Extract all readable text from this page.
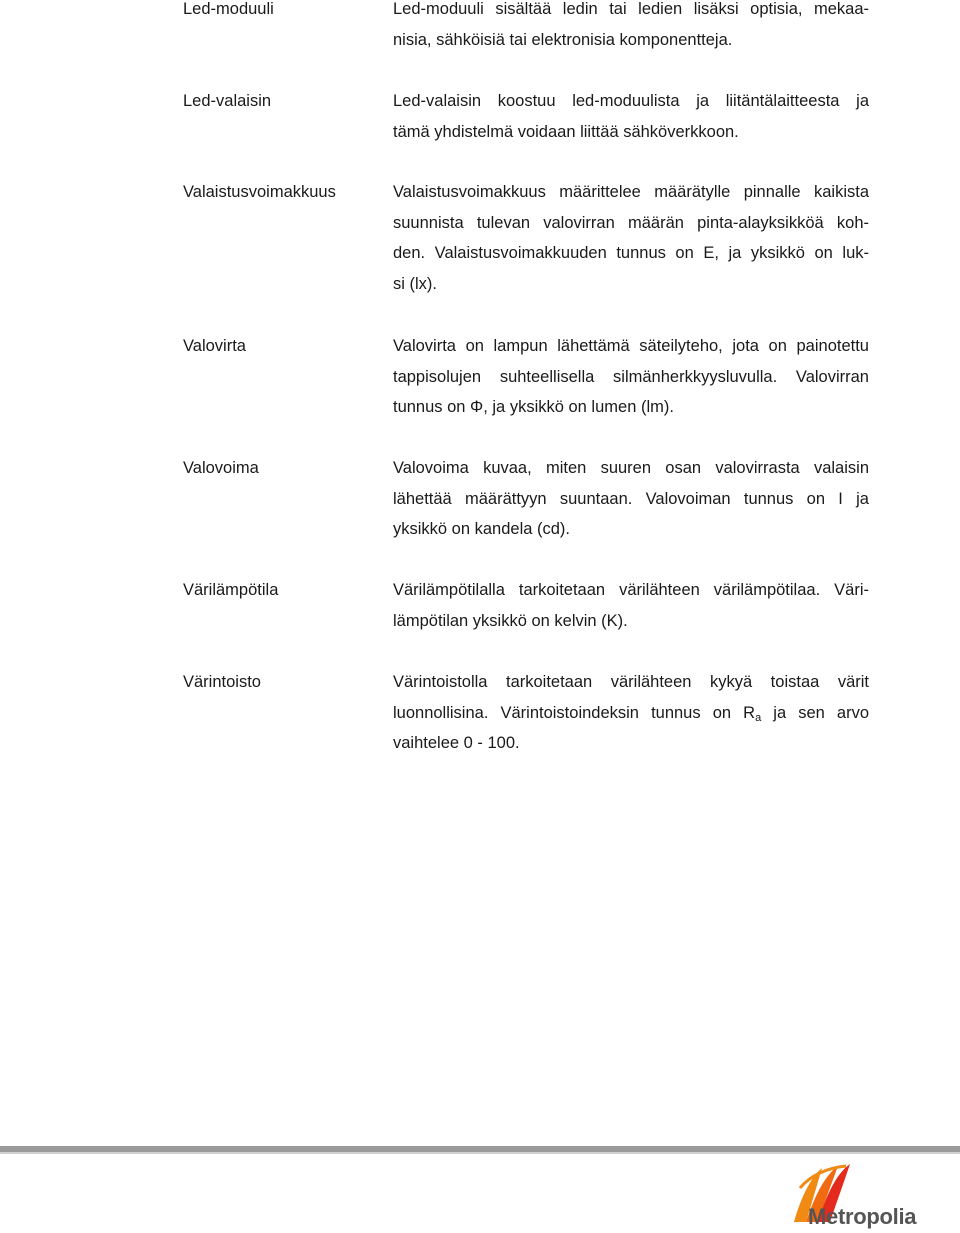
Led-moduuli	Led-moduuli sisältää ledin tai ledien lisäksi optisia, mekaa-
nisia, sähköisiä tai elektronisia komponentteja.
Led-valaisin	Led-valaisin koostuu led-moduulista ja liitäntälaitteesta ja
tämä yhdistelmä voidaan liittää sähköverkkoon.
Valaistusvoimakkuus	Valaistusvoimakkuus määrittelee määrätylle pinnalle kaikista
suunnista tulevan valovirran määrän pinta-alayksikköä koh-
den. Valaistusvoimakkuuden tunnus on E, ja yksikkö on luk-
si (lx).
Valovirta	Valovirta on lampun lähettämä säteilyteho, jota on painotettu
tappisolujen suhteellisella silmänherkkyysluvulla. Valovirran
tunnus on Φ, ja yksikkö on lumen (lm).
Valovoima	Valovoima kuvaa, miten suuren osan valovirrasta valaisin
lähettää määrättyyn suuntaan. Valovoiman tunnus on I ja
yksikkö on kandela (cd).
Värilämpötila	Värilämpötilalla tarkoitetaan värilähteen värilämpötilaa. Väri-
lämpötilan yksikkö on kelvin (K).
Värintoisto	Värintoistolla tarkoitetaan värilähteen kykyä toistaa värit
luonnollisina. Värintoistoindeksin tunnus on $R_a$ ja sen arvo
vaihtelee 0 - 100.
Metropolia
